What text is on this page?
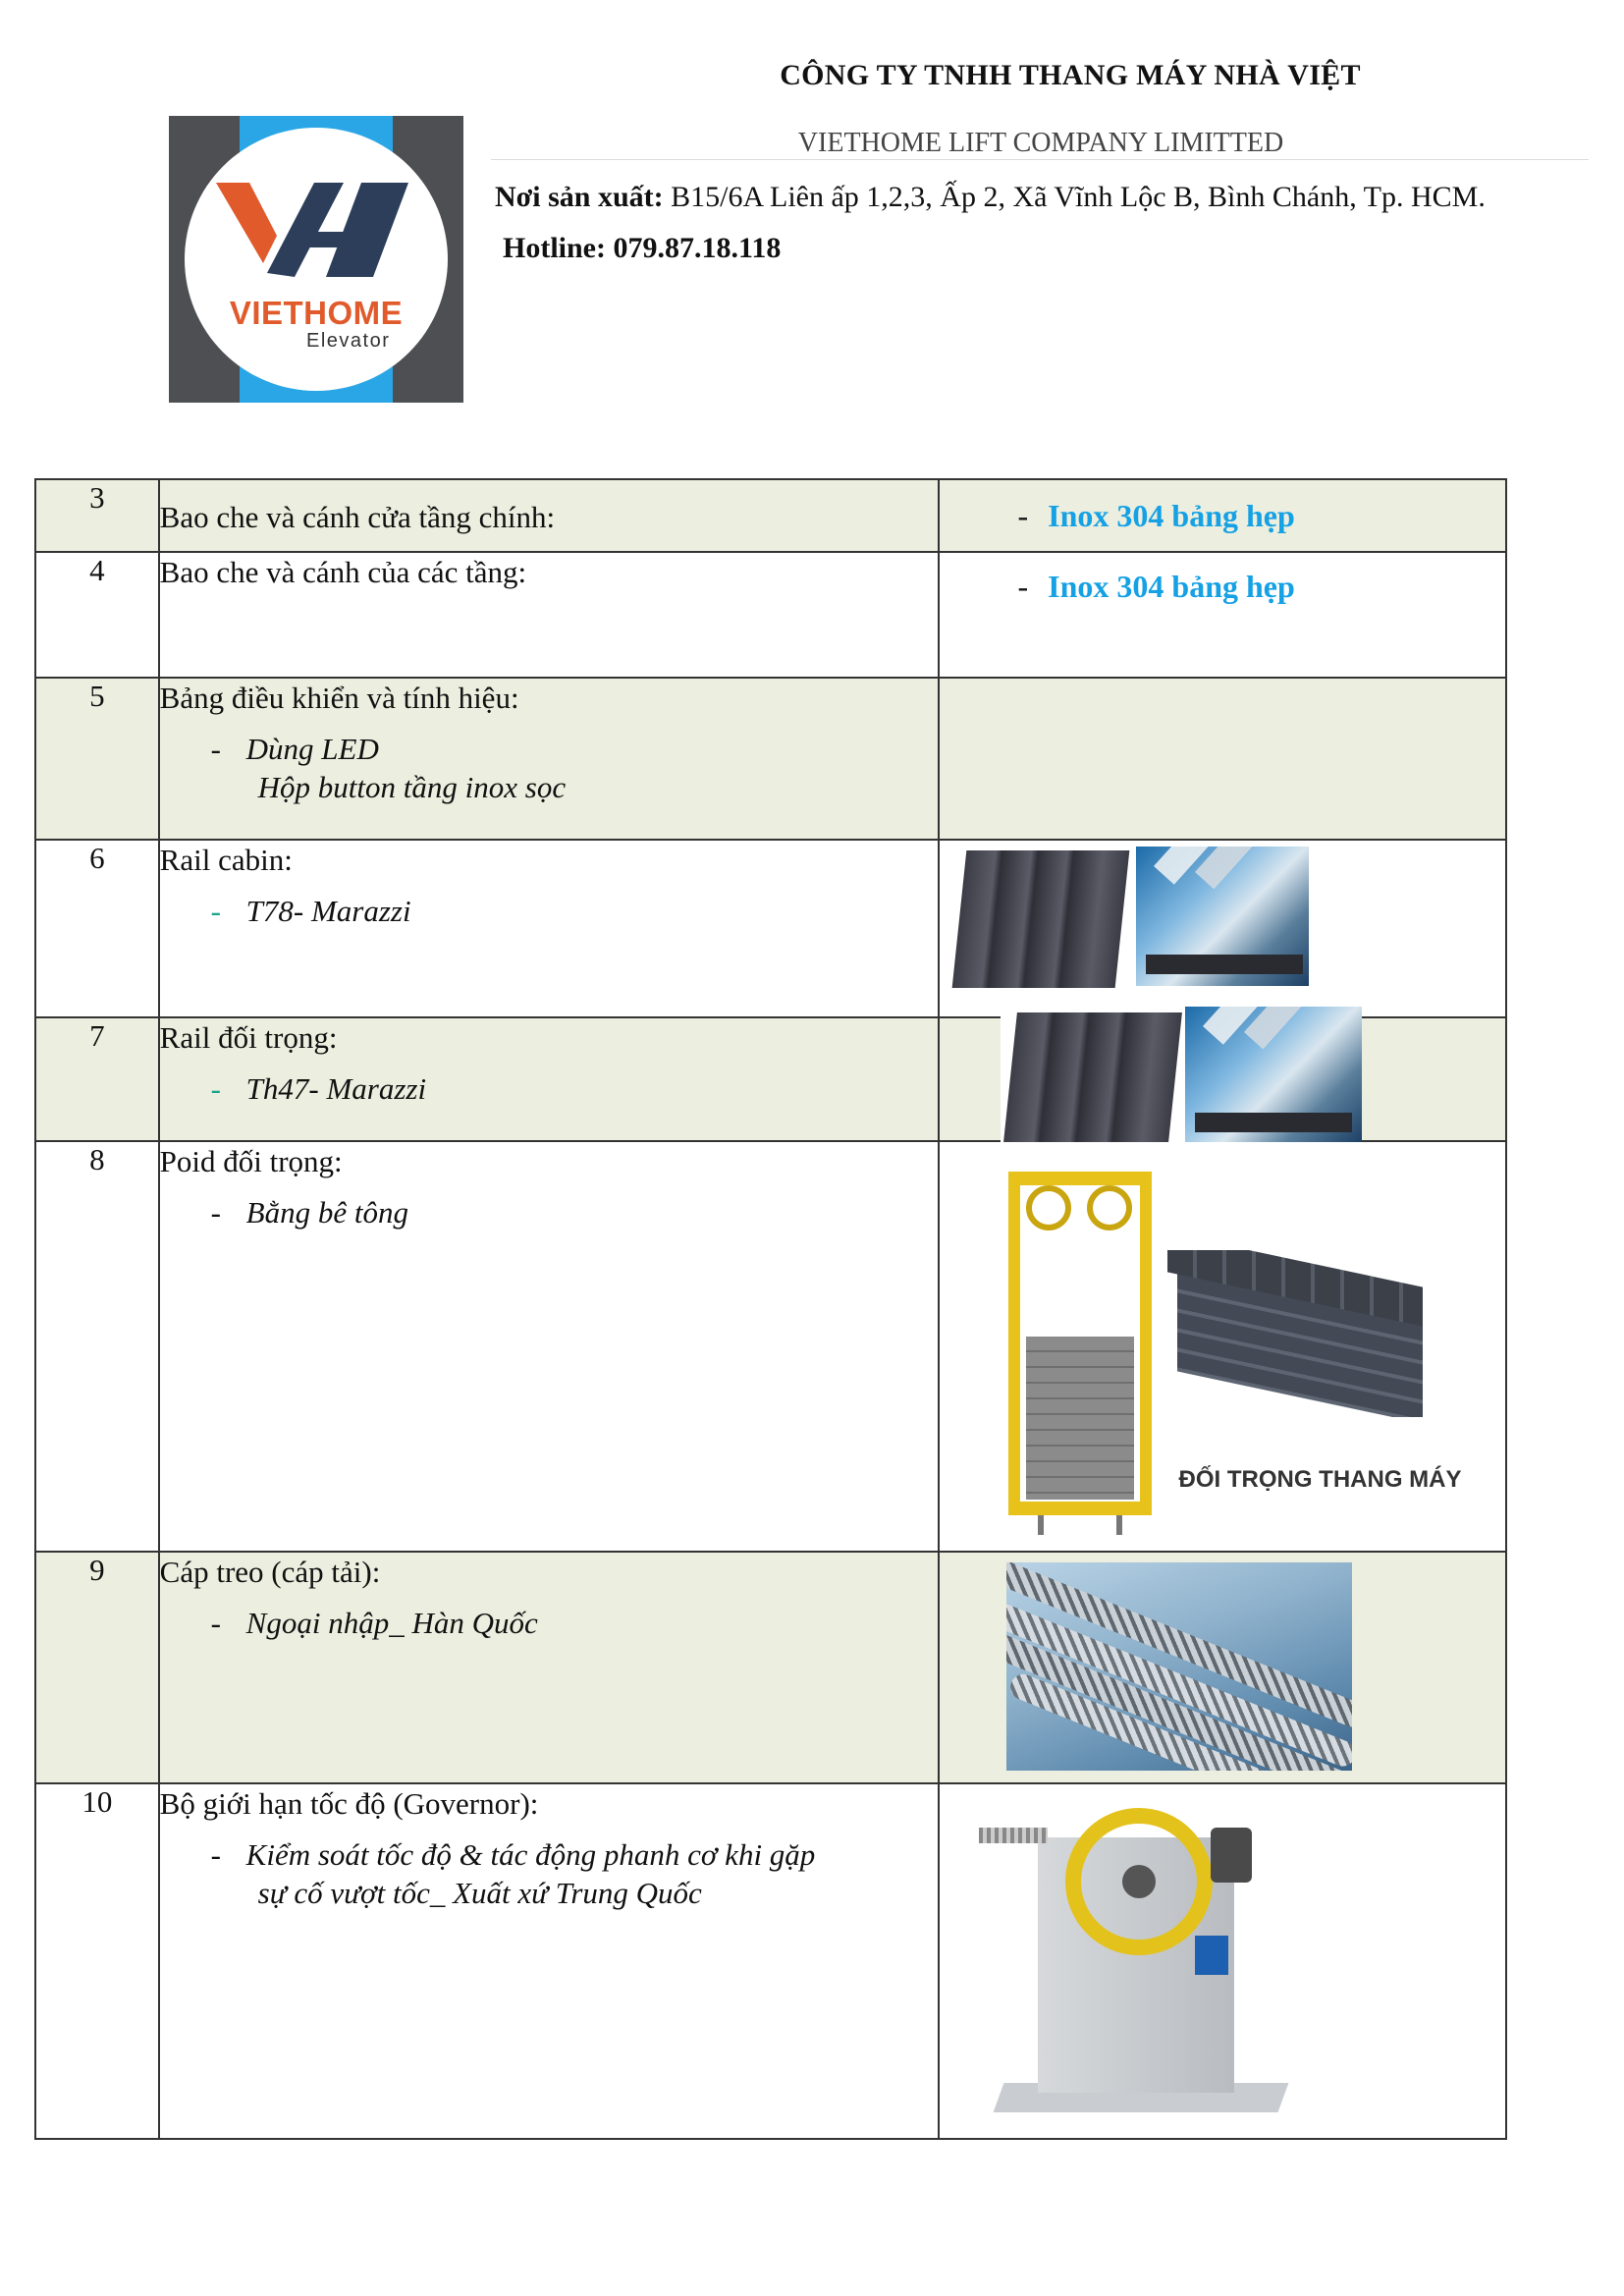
CÔNG TY TNHH THANG MÁY NHÀ VIỆT
VIETHOME LIFT COMPANY LIMITTED
Nơi sản xuất: B15/6A Liên ấp 1,2,3, Ấp 2, Xã Vĩnh Lộc B, Bình Chánh, Tp. HCM.
Hotline: 079.87.18.118
VIETHOME
Elevator
3	Bao che và cánh cửa tầng chính:	- Inox 304 bảng hẹp

4	Bao che và cánh của các tầng:	- Inox 304 bảng hẹp

5	Bảng điều khiển và tính hiệu:
- Dùng LED
Hộp button tầng inox sọc	

6	Rail cabin:
- T78- Marazzi	

7	Rail đối trọng:
- Th47- Marazzi	

8	Poid đối trọng:
- Bằng bê tông	ĐỐI TRỌNG THANG MÁY

9	Cáp treo (cáp tải):
- Ngoại nhập_ Hàn Quốc	

10	Bộ giới hạn tốc độ (Governor):
- Kiểm soát tốc độ & tác động phanh cơ khi gặp
sự cố vượt tốc_ Xuất xứ Trung Quốc	
